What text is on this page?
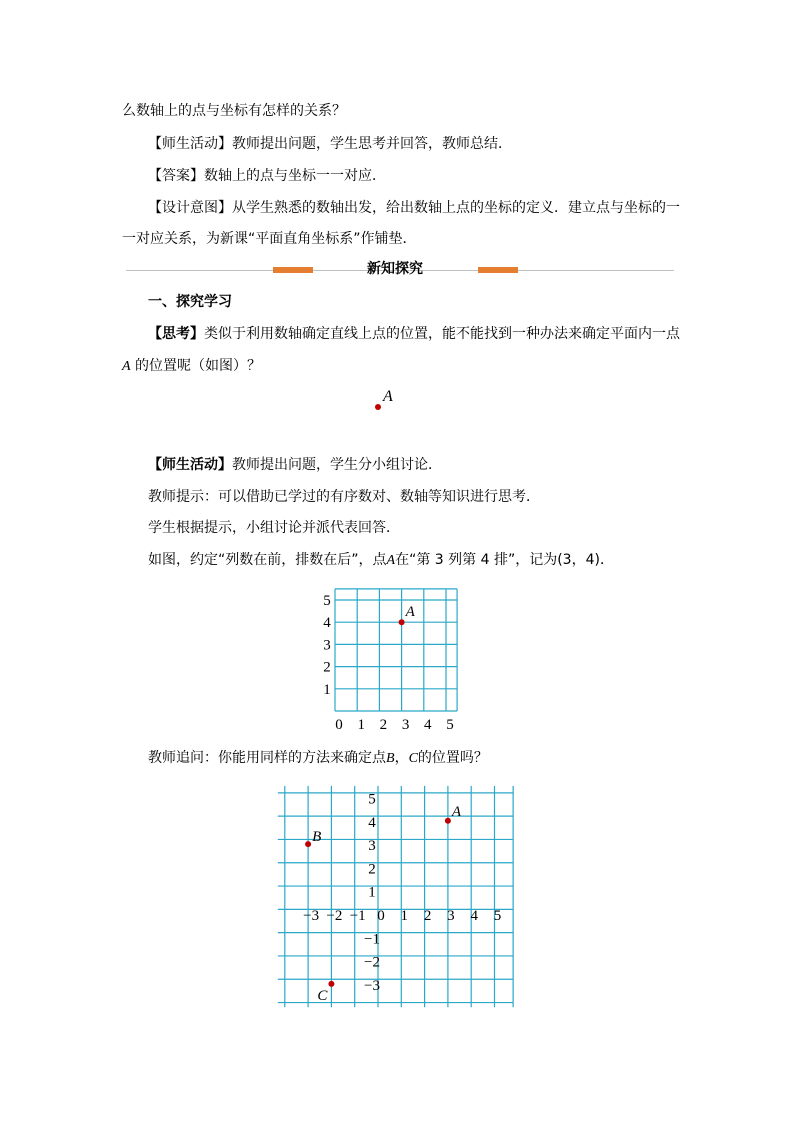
么数轴上的点与坐标有怎样的关系？
【师生活动】教师提出问题，学生思考并回答，教师总结．
【答案】数轴上的点与坐标一一对应．
【设计意图】从学生熟悉的数轴出发，给出数轴上点的坐标的定义．建立点与坐标的一
一对应关系，为新课“平面直角坐标系”作铺垫．
新知探究
一、探究学习
【思考】类似于利用数轴确定直线上点的位置，能不能找到一种办法来确定平面内一点
A 的位置呢（如图）？
A
【师生活动】教师提出问题，学生分小组讨论．
教师提示：可以借助已学过的有序数对、数轴等知识进行思考．
学生根据提示，小组讨论并派代表回答．
如图，约定“列数在前，排数在后”，点A在“第 3 列第 4 排”，记为(3，4)．
0 1 2 3 4 5
1
2
3
4
5
A
教师追问：你能用同样的方法来确定点B，C的位置吗？
−3 −2 −1 0 1 2 3 4 5
−3
−2
−1
1
2
3
4
5
A
B
C
